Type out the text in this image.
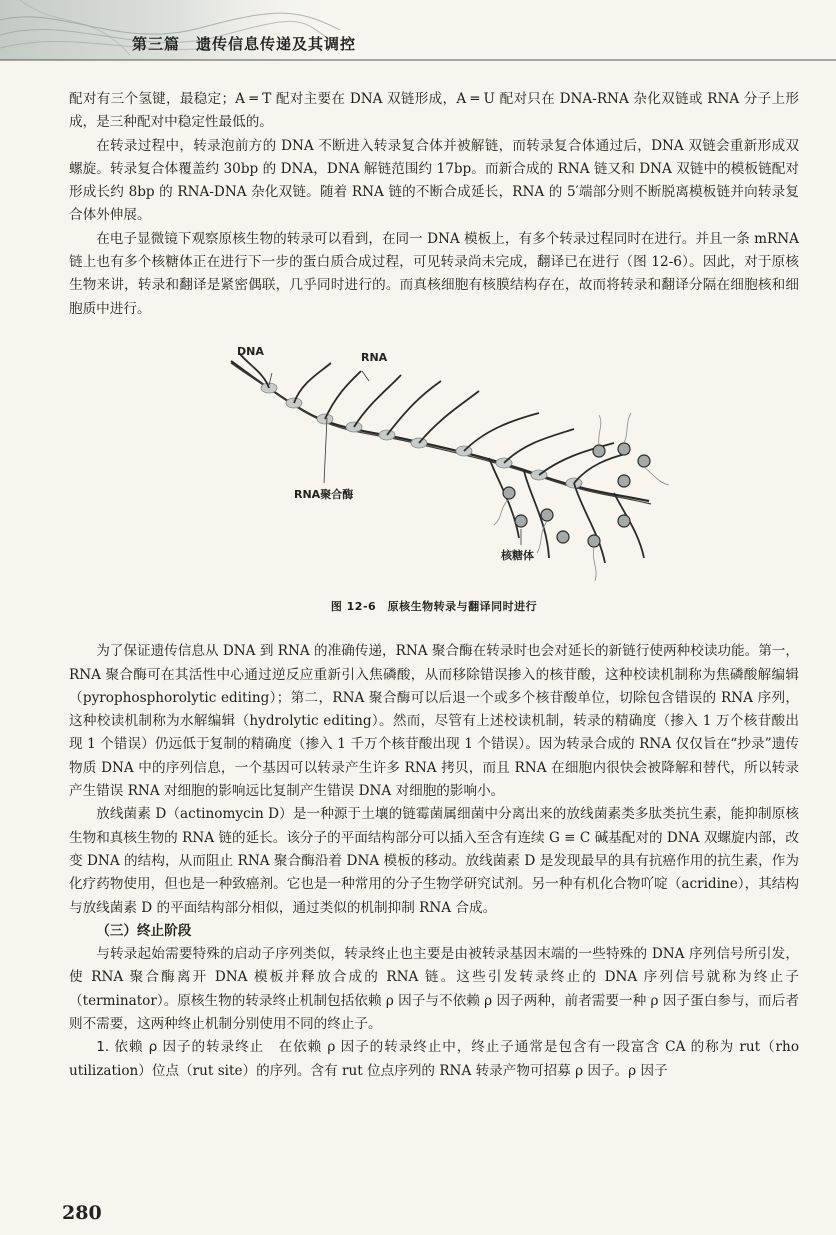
第三篇　遗传信息传递及其调控

配对有三个氢键，最稳定；A ═ T 配对主要在 DNA 双链形成，A ═ U 配对只在 DNA-RNA 杂化双链或 RNA 分子上形成，是三种配对中稳定性最低的。

在转录过程中，转录泡前方的 DNA 不断进入转录复合体并被解链，而转录复合体通过后，DNA 双链会重新形成双螺旋。转录复合体覆盖约 30bp 的 DNA，DNA 解链范围约 17bp。而新合成的 RNA 链又和 DNA 双链中的模板链配对形成长约 8bp 的 RNA-DNA 杂化双链。随着 RNA 链的不断合成延长，RNA 的 5′端部分则不断脱离模板链并向转录复合体外伸展。

在电子显微镜下观察原核生物的转录可以看到，在同一 DNA 模板上，有多个转录过程同时在进行。并且一条 mRNA 链上也有多个核糖体正在进行下一步的蛋白质合成过程，可见转录尚未完成，翻译已在进行（图 12-6）。因此，对于原核生物来讲，转录和翻译是紧密偶联，几乎同时进行的。而真核细胞有核膜结构存在，故而将转录和翻译分隔在细胞核和细胞质中进行。

DNA	RNA
RNA聚合酶
核糖体
图 12-6　原核生物转录与翻译同时进行

为了保证遗传信息从 DNA 到 RNA 的准确传递，RNA 聚合酶在转录时也会对延长的新链行使两种校读功能。第一，RNA 聚合酶可在其活性中心通过逆反应重新引入焦磷酸，从而移除错误掺入的核苷酸，这种校读机制称为焦磷酸解编辑（pyrophosphorolytic editing）；第二，RNA 聚合酶可以后退一个或多个核苷酸单位，切除包含错误的 RNA 序列，这种校读机制称为水解编辑（hydrolytic editing）。然而，尽管有上述校读机制，转录的精确度（掺入 1 万个核苷酸出现 1 个错误）仍远低于复制的精确度（掺入 1 千万个核苷酸出现 1 个错误）。因为转录合成的 RNA 仅仅旨在“抄录”遗传物质 DNA 中的序列信息，一个基因可以转录产生许多 RNA 拷贝，而且 RNA 在细胞内很快会被降解和替代，所以转录产生错误 RNA 对细胞的影响远比复制产生错误 DNA 对细胞的影响小。

放线菌素 D（actinomycin D）是一种源于土壤的链霉菌属细菌中分离出来的放线菌素类多肽类抗生素，能抑制原核生物和真核生物的 RNA 链的延长。该分子的平面结构部分可以插入至含有连续 G ≡ C 碱基配对的 DNA 双螺旋内部，改变 DNA 的结构，从而阻止 RNA 聚合酶沿着 DNA 模板的移动。放线菌素 D 是发现最早的具有抗癌作用的抗生素，作为化疗药物使用，但也是一种致癌剂。它也是一种常用的分子生物学研究试剂。另一种有机化合物吖啶（acridine），其结构与放线菌素 D 的平面结构部分相似，通过类似的机制抑制 RNA 合成。

（三）终止阶段

与转录起始需要特殊的启动子序列类似，转录终止也主要是由被转录基因末端的一些特殊的 DNA 序列信号所引发，使 RNA 聚合酶离开 DNA 模板并释放合成的 RNA 链。这些引发转录终止的 DNA 序列信号就称为终止子（terminator）。原核生物的转录终止机制包括依赖 ρ 因子与不依赖 ρ 因子两种，前者需要一种 ρ 因子蛋白参与，而后者则不需要，这两种终止机制分别使用不同的终止子。

1. 依赖 ρ 因子的转录终止　在依赖 ρ 因子的转录终止中，终止子通常是包含有一段富含 CA 的称为 rut（rho utilization）位点（rut site）的序列。含有 rut 位点序列的 RNA 转录产物可招募 ρ 因子。ρ 因子

280
